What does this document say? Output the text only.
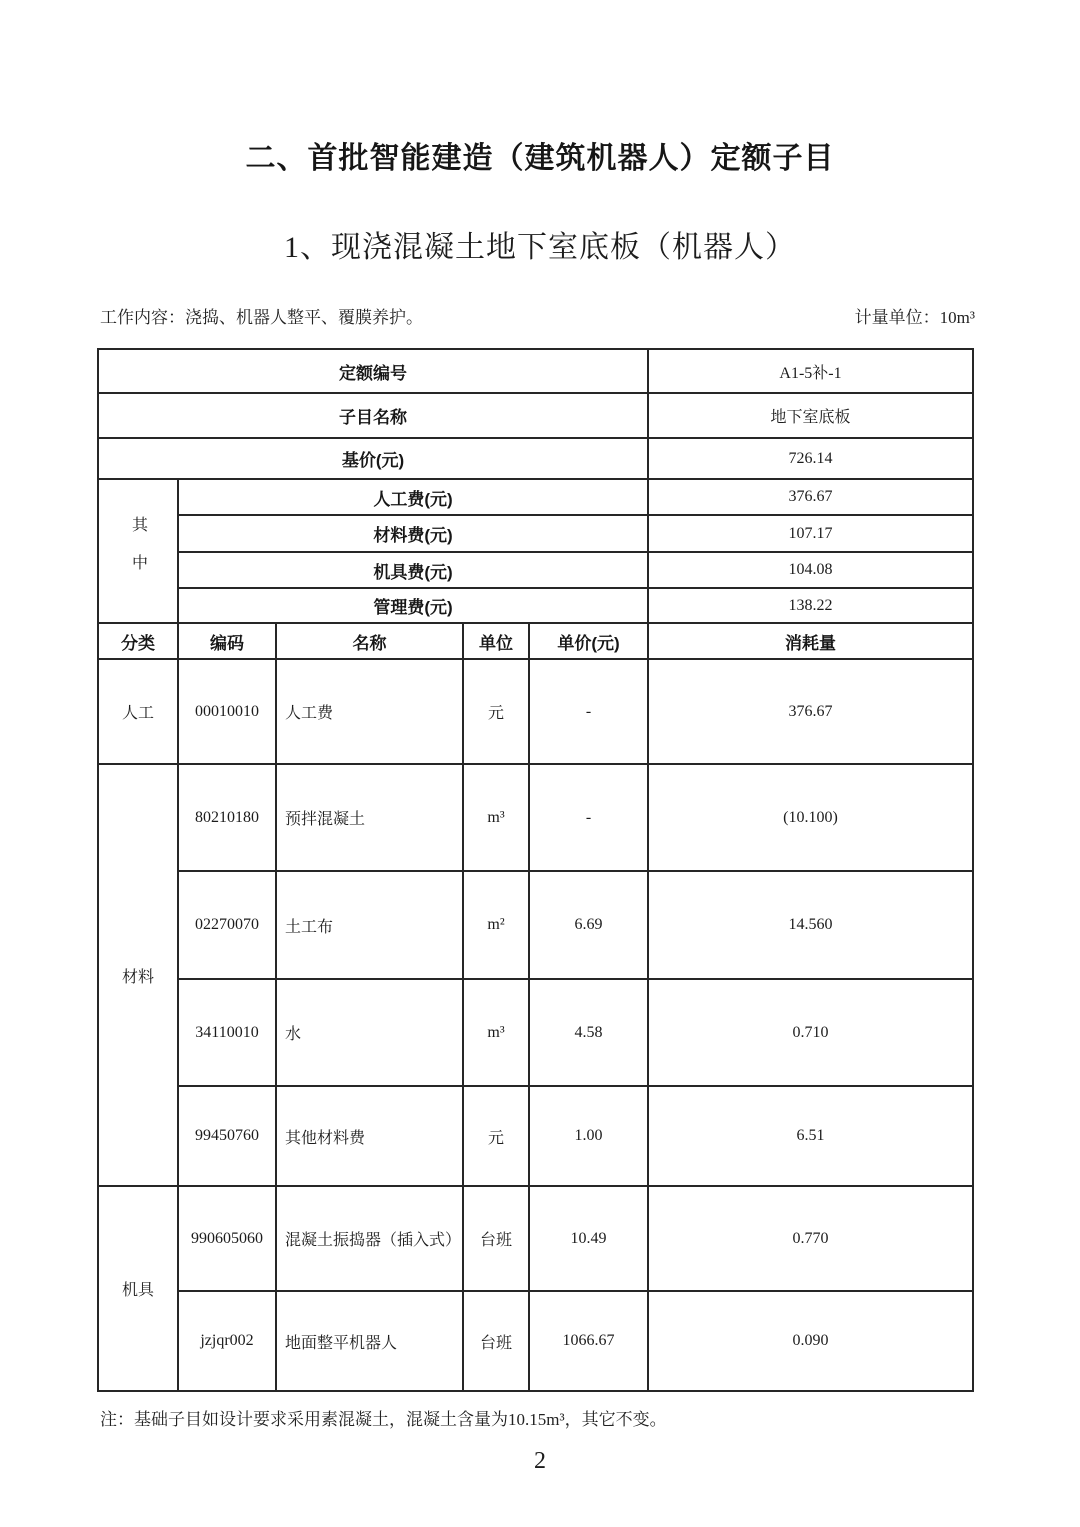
二、首批智能建造（建筑机器人）定额子目
1、现浇混凝土地下室底板（机器人）
工作内容：浇捣、机器人整平、覆膜养护。	计量单位：10m³
定额编号					A1-5补-1
子目名称					地下室底板
基价(元)					726.14
其中	人工费(元)				376.67
	材料费(元)				107.17
	机具费(元)				104.08
	管理费(元)				138.22
分类	编码	名称	单位	单价(元)	消耗量
人工	00010010	人工费	元	-	376.67
材料	80210180	预拌混凝土	m³	-	(10.100)
	02270070	土工布	m²	6.69	14.560
	34110010	水	m³	4.58	0.710
	99450760	其他材料费	元	1.00	6.51
机具	990605060	混凝土振捣器（插入式）	台班	10.49	0.770
	jzjqr002	地面整平机器人	台班	1066.67	0.090
注：基础子目如设计要求采用素混凝土，混凝土含量为10.15m³，其它不变。
2
